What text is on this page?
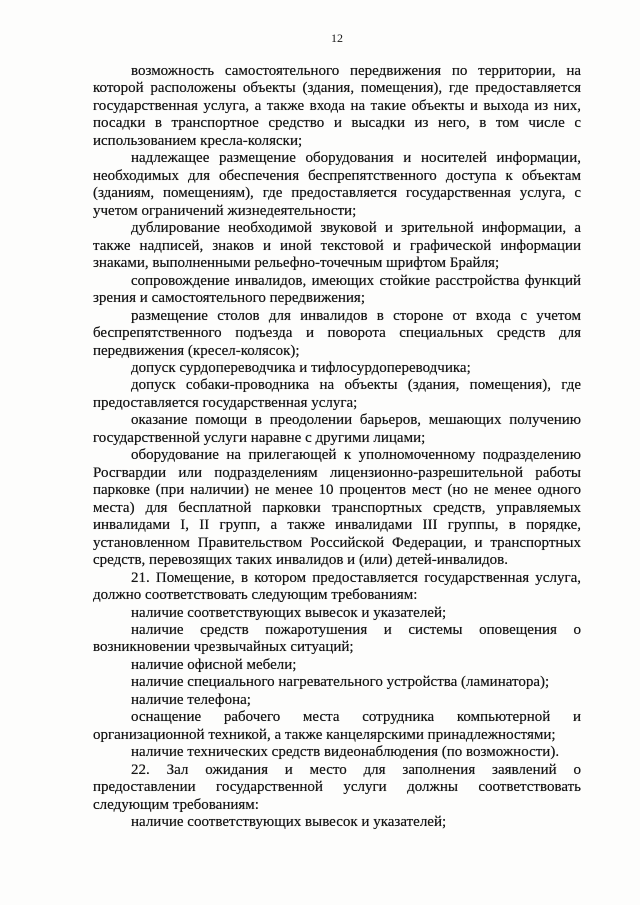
12
возможность самостоятельного передвижения по территории, на
которой расположены объекты (здания, помещения), где предоставляется
государственная услуга, а также входа на такие объекты и выхода из них,
посадки в транспортное средство и высадки из него, в том числе с
использованием кресла-коляски;
надлежащее размещение оборудования и носителей информации,
необходимых для обеспечения беспрепятственного доступа к объектам
(зданиям, помещениям), где предоставляется государственная услуга, с
учетом ограничений жизнедеятельности;
дублирование необходимой звуковой и зрительной информации, а
также надписей, знаков и иной текстовой и графической информации
знаками, выполненными рельефно-точечным шрифтом Брайля;
сопровождение инвалидов, имеющих стойкие расстройства функций
зрения и самостоятельного передвижения;
размещение столов для инвалидов в стороне от входа с учетом
беспрепятственного подъезда и поворота специальных средств для
передвижения (кресел-колясок);
допуск сурдопереводчика и тифлосурдопереводчика;
допуск собаки-проводника на объекты (здания, помещения), где
предоставляется государственная услуга;
оказание помощи в преодолении барьеров, мешающих получению
государственной услуги наравне с другими лицами;
оборудование на прилегающей к уполномоченному подразделению
Росгвардии или подразделениям лицензионно-разрешительной работы
парковке (при наличии) не менее 10 процентов мест (но не менее одного
места) для бесплатной парковки транспортных средств, управляемых
инвалидами I, II групп, а также инвалидами III группы, в порядке,
установленном Правительством Российской Федерации, и транспортных
средств, перевозящих таких инвалидов и (или) детей-инвалидов.
21. Помещение, в котором предоставляется государственная услуга,
должно соответствовать следующим требованиям:
наличие соответствующих вывесок и указателей;
наличие средств пожаротушения и системы оповещения о
возникновении чрезвычайных ситуаций;
наличие офисной мебели;
наличие специального нагревательного устройства (ламинатора);
наличие телефона;
оснащение рабочего места сотрудника компьютерной и
организационной техникой, а также канцелярскими принадлежностями;
наличие технических средств видеонаблюдения (по возможности).
22. Зал ожидания и место для заполнения заявлений о
предоставлении государственной услуги должны соответствовать
следующим требованиям:
наличие соответствующих вывесок и указателей;
